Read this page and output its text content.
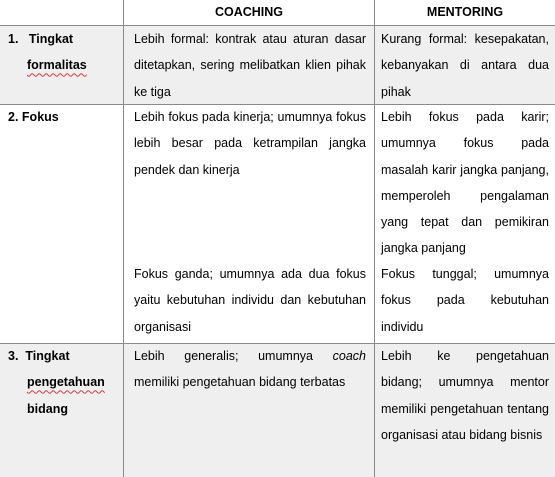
COACHING	MENTORING
1. Tingkat
formalitas
Lebih formal: kontrak atau aturan dasar ditetapkan, sering melibatkan klien pihak ke tiga
Kurang formal: kesepakatan, kebanyakan di antara dua pihak
2. Fokus	Lebih fokus pada kinerja; umumnya fokus lebih besar pada ketrampilan jangka pendek dan kinerja
Lebih fokus pada karir; umumnya fokus pada masalah karir jangka panjang, memperoleh pengalaman yang tepat dan pemikiran jangka panjang
Fokus ganda; umumnya ada dua fokus yaitu kebutuhan individu dan kebutuhan organisasi
Fokus tunggal; umumnya fokus pada kebutuhan individu
3. Tingkat
pengetahuan
bidang
Lebih generalis; umumnya coach memiliki pengetahuan bidang terbatas
Lebih ke pengetahuan bidang; umumnya mentor memiliki pengetahuan tentang organisasi atau bidang bisnis
